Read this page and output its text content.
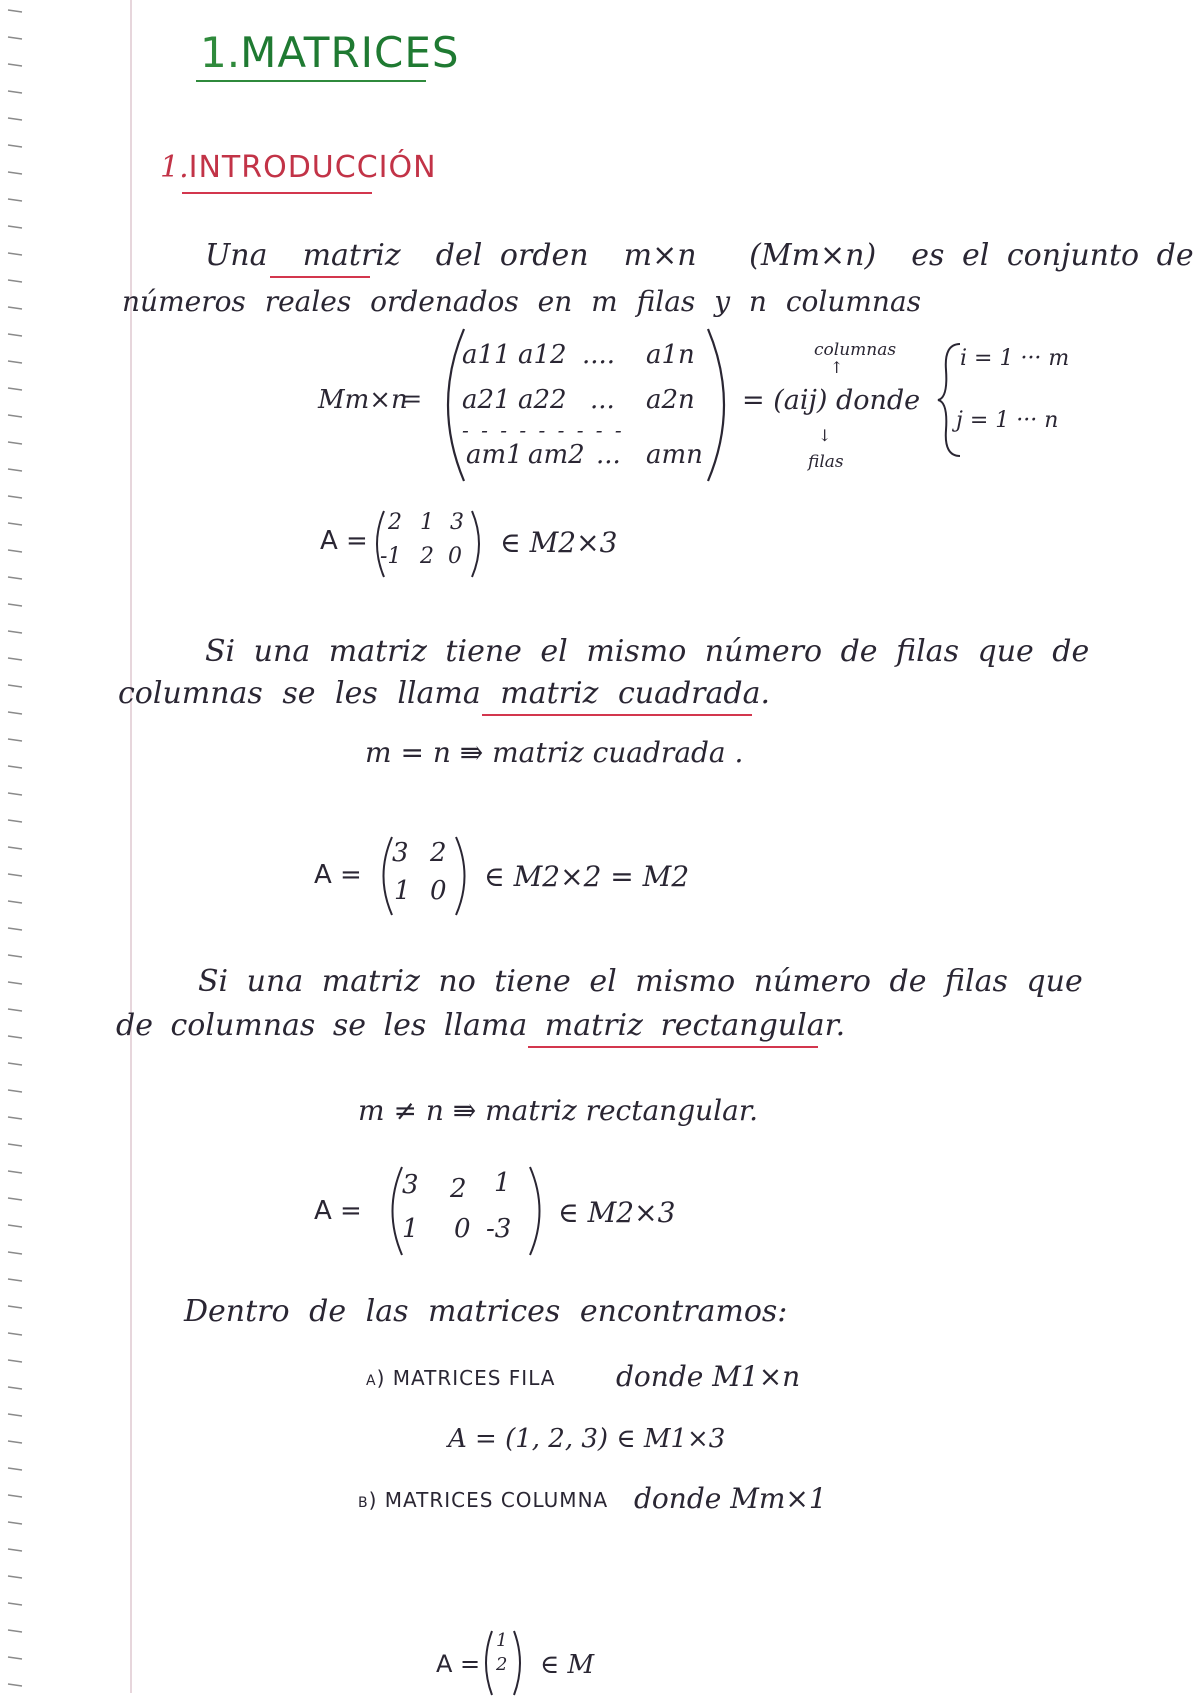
1.MATRICES
1.INTRODUCCIÓN
Una matriz del orden m×n (Mm×n) es el conjunto de
números reales ordenados en m filas y n columnas
Mm×n
=
a11 a12 .... a1n
a21 a22 ... a2n
- - - - - - - - -
am1 am2 ... amn
= (aij) donde
columnas
↑
↓
filas
i = 1 ··· m
j = 1 ··· n
A =
2 1 3
-1 2 0 ∈ M2×3
Si una matriz tiene el mismo número de filas que de
columnas se les llama matriz cuadrada.
m = n ⇛ matriz cuadrada .
A =
3 2
1 0 ∈ M2×2 = M2
Si una matriz no tiene el mismo número de filas que
de columnas se les llama matriz rectangular.
m ≠ n ⇛ matriz rectangular.
A =
3 2 1
1 0 -3 ∈ M2×3
Dentro de las matrices encontramos:
a) MATRICES FILA donde M1×n
A = (1, 2, 3) ∈ M1×3
b) MATRICES COLUMNA donde Mm×1
A =
1
2 ∈ M
